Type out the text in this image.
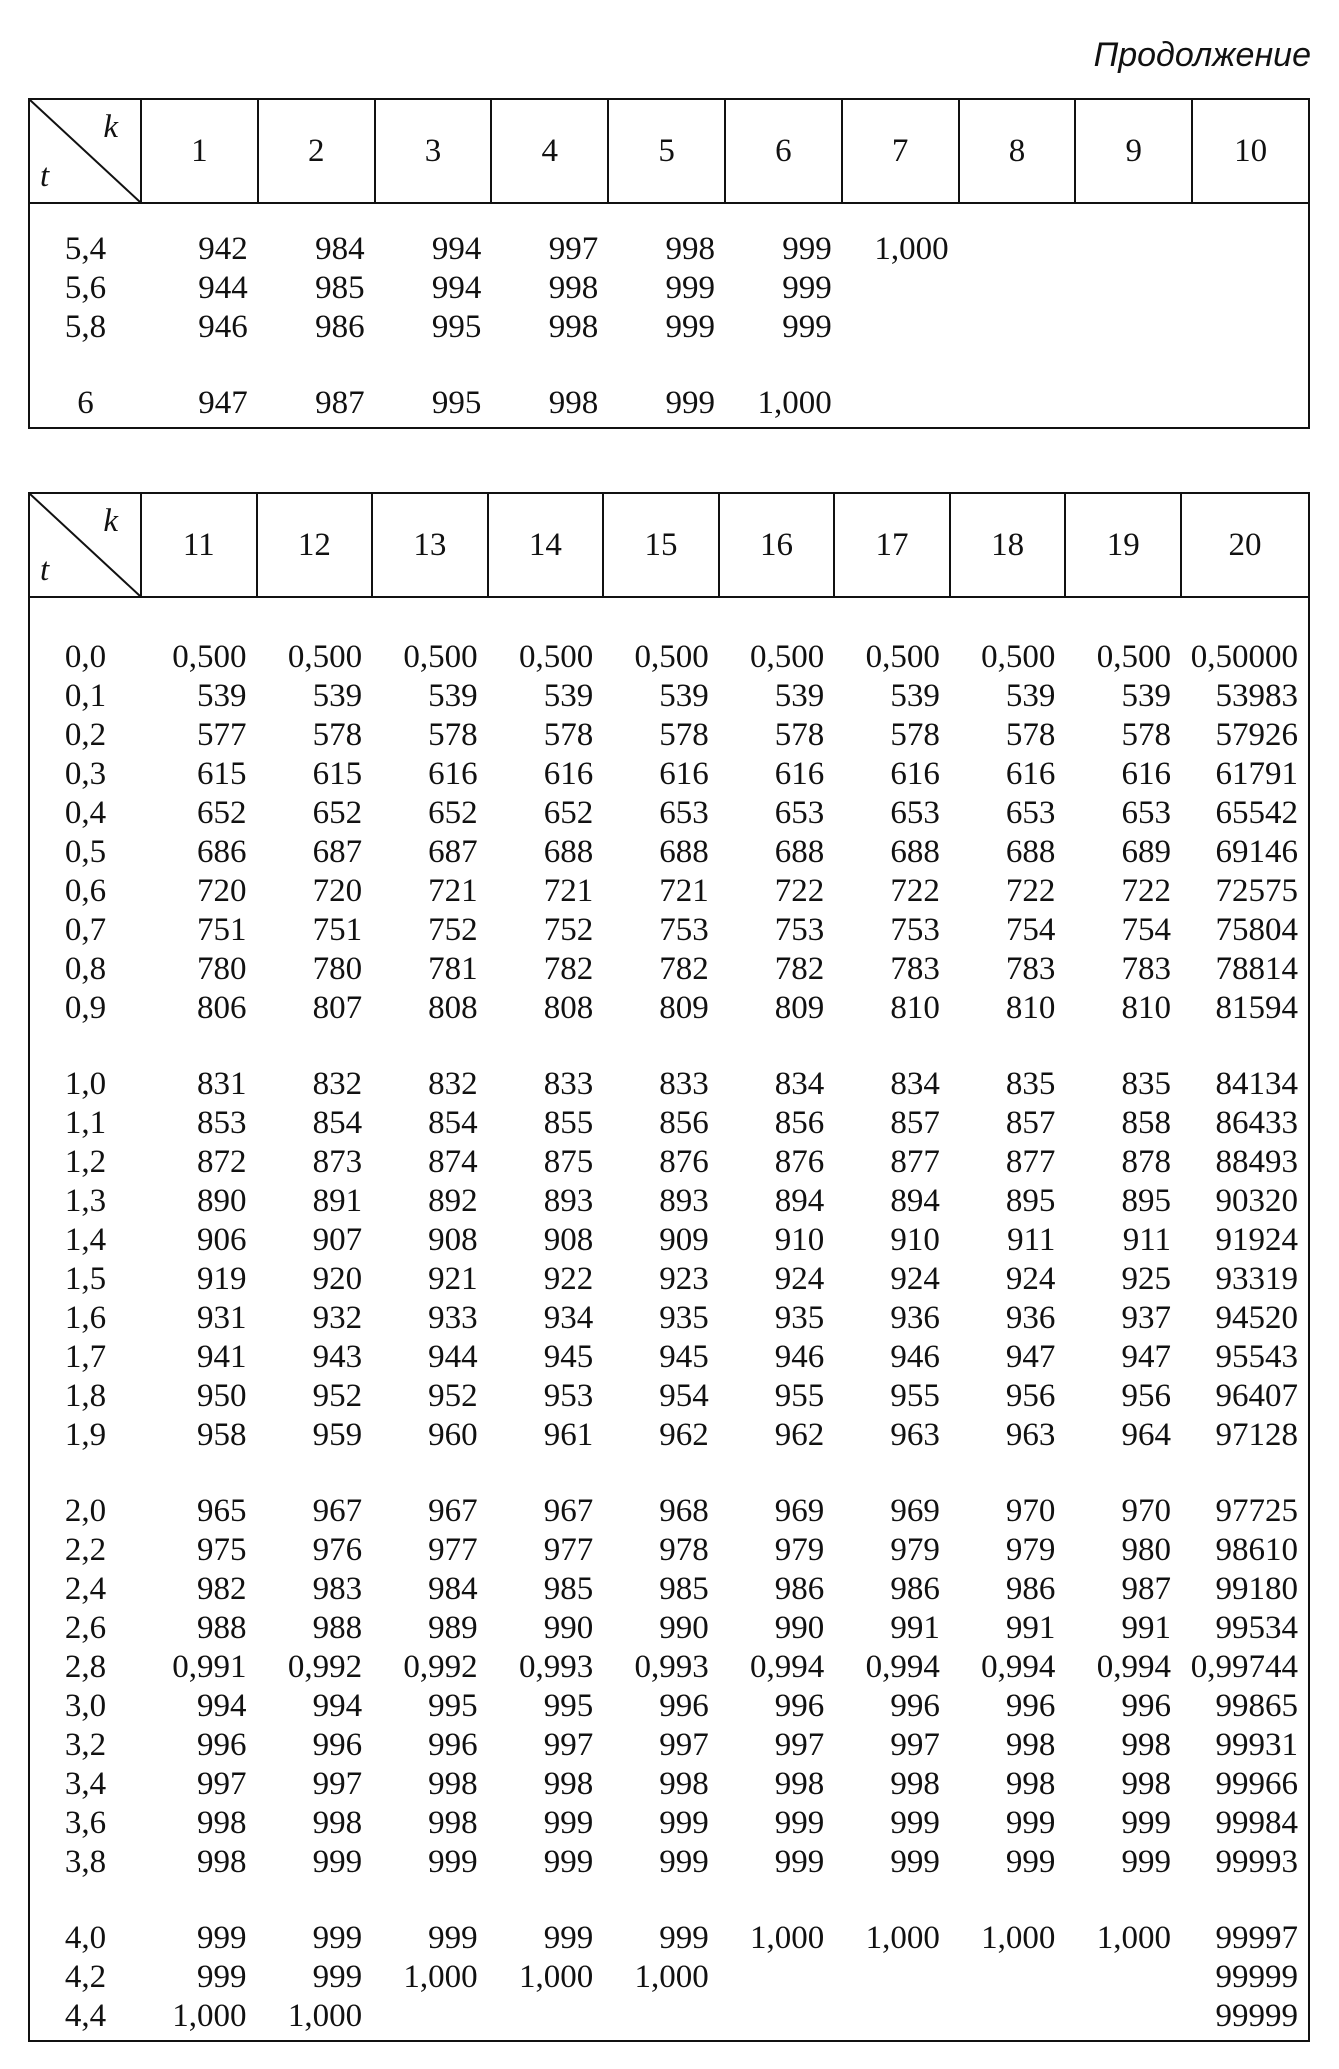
Продолжение
k
t	1	2	3	4	5	6	7	8	9	10
5,4	942	984	994	997	998	999	1,000			
5,6	944	985	994	998	999	999				
5,8	946	986	995	998	999	999				

6	947	987	995	998	999	1,000				
k
t	11	12	13	14	15	16	17	18	19	20
0,0	0,500	0,500	0,500	0,500	0,500	0,500	0,500	0,500	0,500	0,50000
0,1	539	539	539	539	539	539	539	539	539	53983
0,2	577	578	578	578	578	578	578	578	578	57926
0,3	615	615	616	616	616	616	616	616	616	61791
0,4	652	652	652	652	653	653	653	653	653	65542
0,5	686	687	687	688	688	688	688	688	689	69146
0,6	720	720	721	721	721	722	722	722	722	72575
0,7	751	751	752	752	753	753	753	754	754	75804
0,8	780	780	781	782	782	782	783	783	783	78814
0,9	806	807	808	808	809	809	810	810	810	81594

1,0	831	832	832	833	833	834	834	835	835	84134
1,1	853	854	854	855	856	856	857	857	858	86433
1,2	872	873	874	875	876	876	877	877	878	88493
1,3	890	891	892	893	893	894	894	895	895	90320
1,4	906	907	908	908	909	910	910	911	911	91924
1,5	919	920	921	922	923	924	924	924	925	93319
1,6	931	932	933	934	935	935	936	936	937	94520
1,7	941	943	944	945	945	946	946	947	947	95543
1,8	950	952	952	953	954	955	955	956	956	96407
1,9	958	959	960	961	962	962	963	963	964	97128

2,0	965	967	967	967	968	969	969	970	970	97725
2,2	975	976	977	977	978	979	979	979	980	98610
2,4	982	983	984	985	985	986	986	986	987	99180
2,6	988	988	989	990	990	990	991	991	991	99534
2,8	0,991	0,992	0,992	0,993	0,993	0,994	0,994	0,994	0,994	0,99744
3,0	994	994	995	995	996	996	996	996	996	99865
3,2	996	996	996	997	997	997	997	998	998	99931
3,4	997	997	998	998	998	998	998	998	998	99966
3,6	998	998	998	999	999	999	999	999	999	99984
3,8	998	999	999	999	999	999	999	999	999	99993

4,0	999	999	999	999	999	1,000	1,000	1,000	1,000	99997
4,2	999	999	1,000	1,000	1,000					99999
4,4	1,000	1,000								99999
